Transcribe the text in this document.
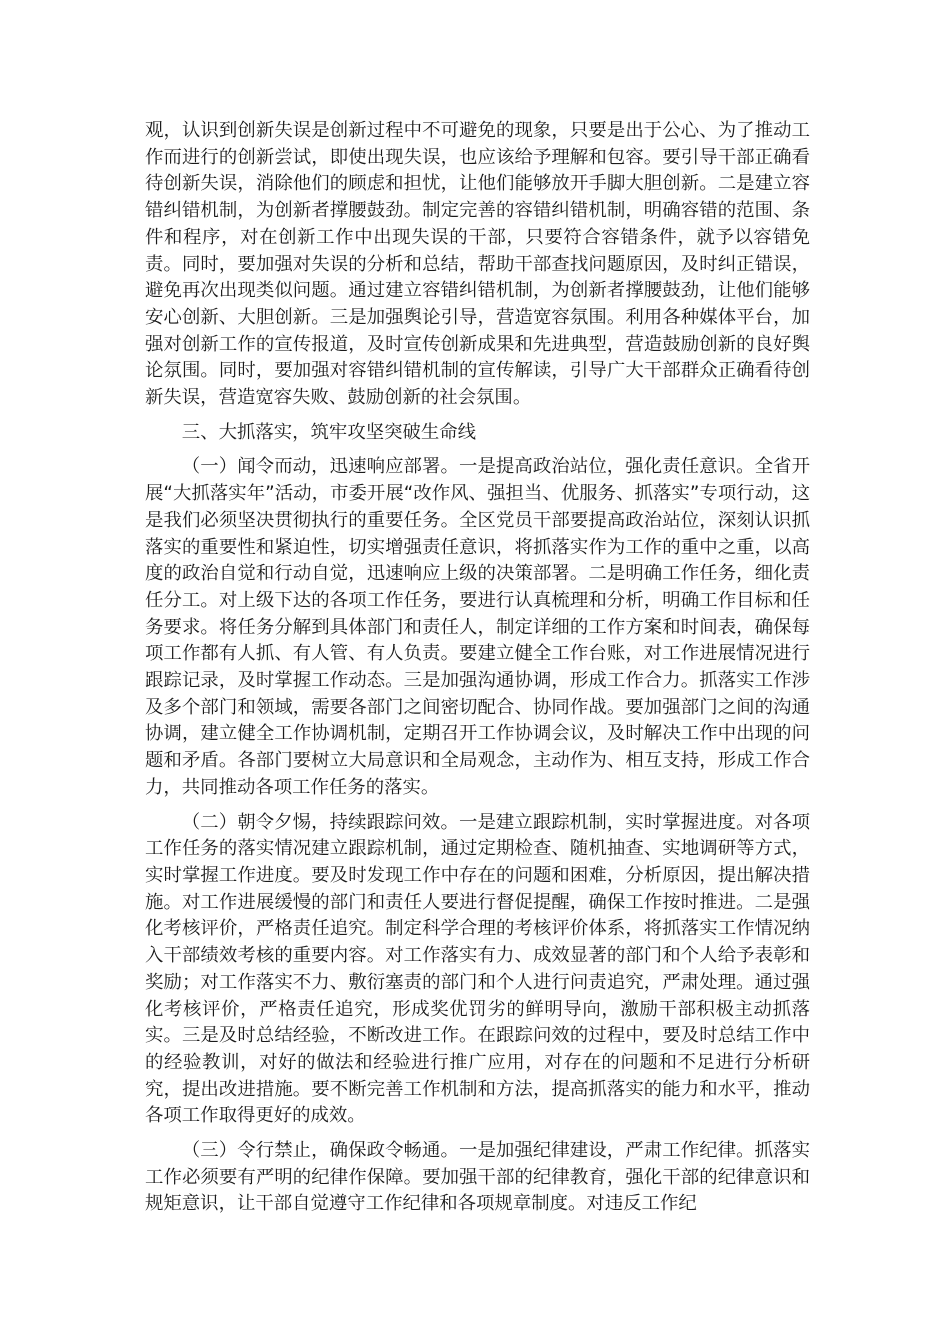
观，认识到创新失误是创新过程中不可避免的现象，只要是出于公心、为了推动工作而进行的创新尝试，即使出现失误，也应该给予理解和包容。要引导干部正确看待创新失误，消除他们的顾虑和担忧，让他们能够放开手脚大胆创新。二是建立容错纠错机制，为创新者撑腰鼓劲。制定完善的容错纠错机制，明确容错的范围、条件和程序，对在创新工作中出现失误的干部，只要符合容错条件，就予以容错免责。同时，要加强对失误的分析和总结，帮助干部查找问题原因，及时纠正错误，避免再次出现类似问题。通过建立容错纠错机制，为创新者撑腰鼓劲，让他们能够安心创新、大胆创新。三是加强舆论引导，营造宽容氛围。利用各种媒体平台，加强对创新工作的宣传报道，及时宣传创新成果和先进典型，营造鼓励创新的良好舆论氛围。同时，要加强对容错纠错机制的宣传解读，引导广大干部群众正确看待创新失误，营造宽容失败、鼓励创新的社会氛围。

三、大抓落实，筑牢攻坚突破生命线

（一）闻令而动，迅速响应部署。一是提高政治站位，强化责任意识。全省开展“大抓落实年”活动，市委开展“改作风、强担当、优服务、抓落实”专项行动，这是我们必须坚决贯彻执行的重要任务。全区党员干部要提高政治站位，深刻认识抓落实的重要性和紧迫性，切实增强责任意识，将抓落实作为工作的重中之重，以高度的政治自觉和行动自觉，迅速响应上级的决策部署。二是明确工作任务，细化责任分工。对上级下达的各项工作任务，要进行认真梳理和分析，明确工作目标和任务要求。将任务分解到具体部门和责任人，制定详细的工作方案和时间表，确保每项工作都有人抓、有人管、有人负责。要建立健全工作台账，对工作进展情况进行跟踪记录，及时掌握工作动态。三是加强沟通协调，形成工作合力。抓落实工作涉及多个部门和领域，需要各部门之间密切配合、协同作战。要加强部门之间的沟通协调，建立健全工作协调机制，定期召开工作协调会议，及时解决工作中出现的问题和矛盾。各部门要树立大局意识和全局观念，主动作为、相互支持，形成工作合力，共同推动各项工作任务的落实。

（二）朝令夕惕，持续跟踪问效。一是建立跟踪机制，实时掌握进度。对各项工作任务的落实情况建立跟踪机制，通过定期检查、随机抽查、实地调研等方式，实时掌握工作进度。要及时发现工作中存在的问题和困难，分析原因，提出解决措施。对工作进展缓慢的部门和责任人要进行督促提醒，确保工作按时推进。二是强化考核评价，严格责任追究。制定科学合理的考核评价体系，将抓落实工作情况纳入干部绩效考核的重要内容。对工作落实有力、成效显著的部门和个人给予表彰和奖励；对工作落实不力、敷衍塞责的部门和个人进行问责追究，严肃处理。通过强化考核评价，严格责任追究，形成奖优罚劣的鲜明导向，激励干部积极主动抓落实。三是及时总结经验，不断改进工作。在跟踪问效的过程中，要及时总结工作中的经验教训，对好的做法和经验进行推广应用，对存在的问题和不足进行分析研究，提出改进措施。要不断完善工作机制和方法，提高抓落实的能力和水平，推动各项工作取得更好的成效。

（三）令行禁止，确保政令畅通。一是加强纪律建设，严肃工作纪律。抓落实工作必须要有严明的纪律作保障。要加强干部的纪律教育，强化干部的纪律意识和规矩意识，让干部自觉遵守工作纪律和各项规章制度。对违反工作纪
